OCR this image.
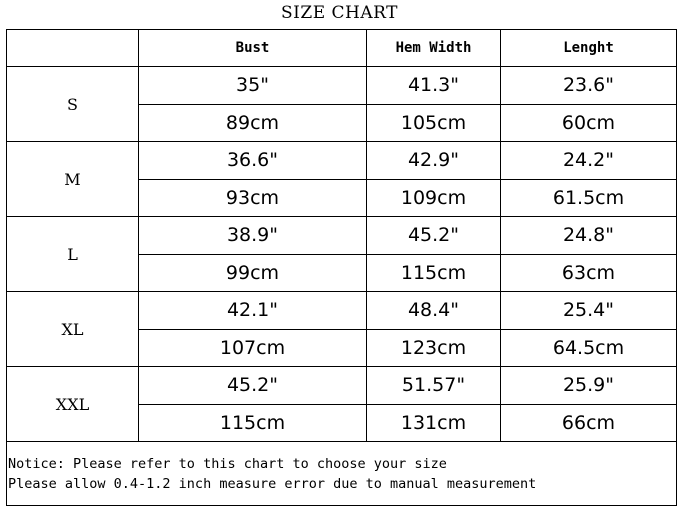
SIZE CHART
	Bust	Hem Width	Lenght
S	35"	41.3"	23.6"
	89cm	105cm	60cm
M	36.6"	42.9"	24.2"
	93cm	109cm	61.5cm
L	38.9"	45.2"	24.8"
	99cm	115cm	63cm
XL	42.1"	48.4"	25.4"
	107cm	123cm	64.5cm
XXL	45.2"	51.57"	25.9"
	115cm	131cm	66cm

Notice: Please refer to this chart to choose your size
Please allow 0.4-1.2 inch measure error due to manual measurement			
